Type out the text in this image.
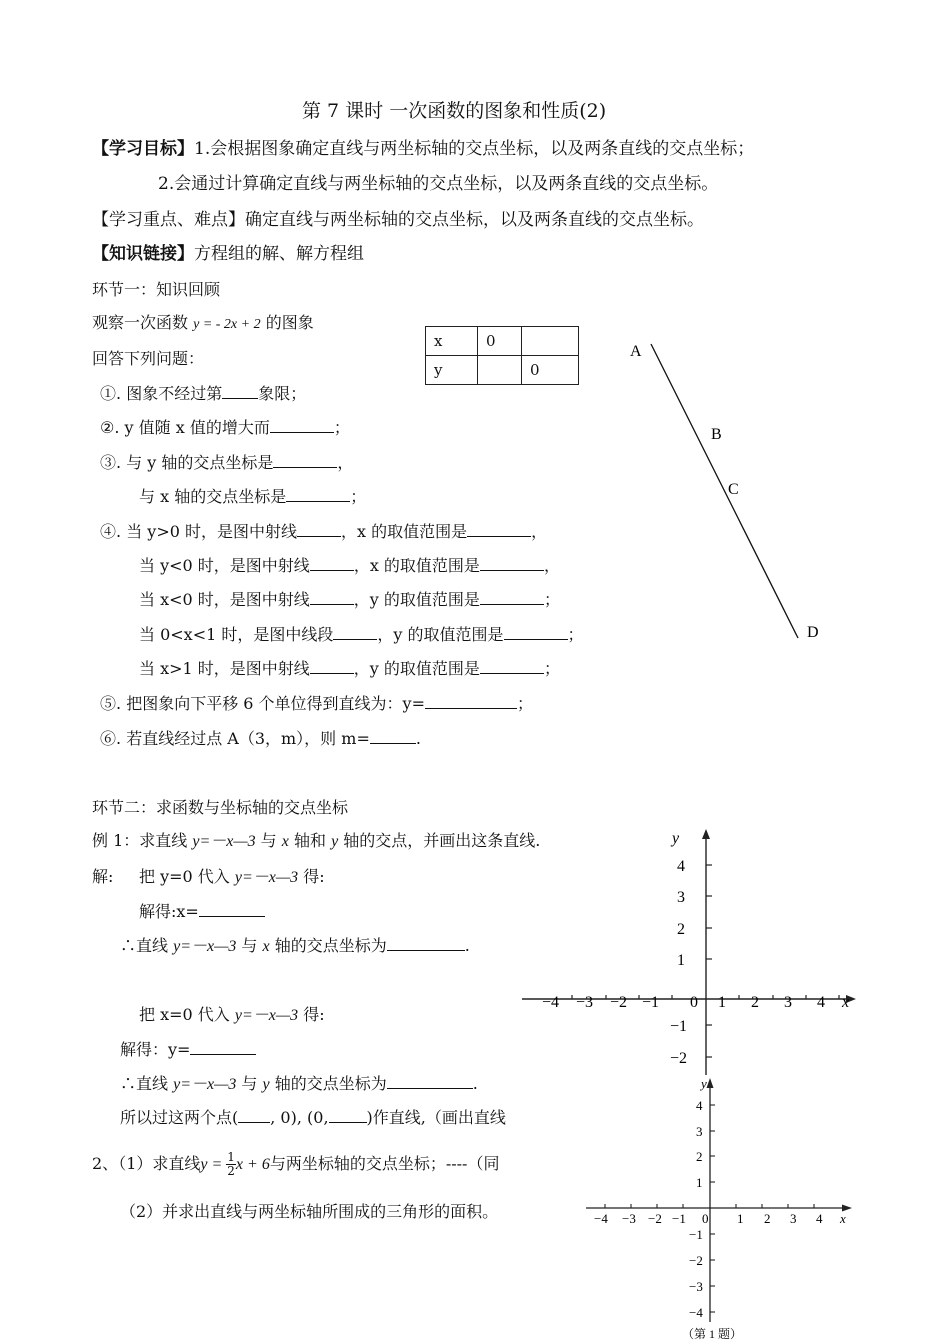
第 7 课时 一次函数的图象和性质(2)
【学习目标】1.会根据图象确定直线与两坐标轴的交点坐标，以及两条直线的交点坐标；
2.会通过计算确定直线与两坐标轴的交点坐标，以及两条直线的交点坐标。
【学习重点、难点】确定直线与两坐标轴的交点坐标，以及两条直线的交点坐标。
【知识链接】方程组的解、解方程组
环节一：知识回顾
观察一次函数 y = - 2x + 2 的图象
回答下列问题：
x	0	
y		0
①. 图象不经过第 象限；
②. y 值随 x 值的增大而	；
③. 与 y 轴的交点坐标是	，
与 x 轴的交点坐标是	；
④. 当 y>0 时，是图中射线	，x 的取值范围是	，
当 y<0 时，是图中射线	，x 的取值范围是	，
当 x<0 时，是图中射线	，y 的取值范围是	；
当 0<x<1 时，是图中线段	，y 的取值范围是	；
当 x>1 时，是图中射线	，y 的取值范围是	；
⑤. 把图象向下平移 6 个单位得到直线为：y=	；
⑥. 若直线经过点 A（3，m），则 m=	.
A
B
C
D
环节二：求函数与坐标轴的交点坐标
例 1：求直线 y=－x—3 与 x 轴和 y 轴的交点，并画出这条直线.
解: 把 y=0 代入 y=－x—3 得:
解得:x=
∴直线 y=－x—3 与 x 轴的交点坐标为	.
把 x=0 代入 y=－x—3 得:
解得：y=
∴直线 y=－x—3 与 y 轴的交点坐标为	.
所以过这两个点( , 0), (0, )作直线,（画出直线
2、（1）求直线$y = \frac{1}{2}$ x + 6与两坐标轴的交点坐标；----（同
（2）并求出直线与两坐标轴所围成的三角形的面积。
−4 −3 −2 −1 0 1 2 3 4 x
4
3
2
1
−1
−2
y
−4 −3 −2 −1 0 1 2 3 4 x
4
3
2
1
−1
−2
−3
−4
y
（第 1 题）
